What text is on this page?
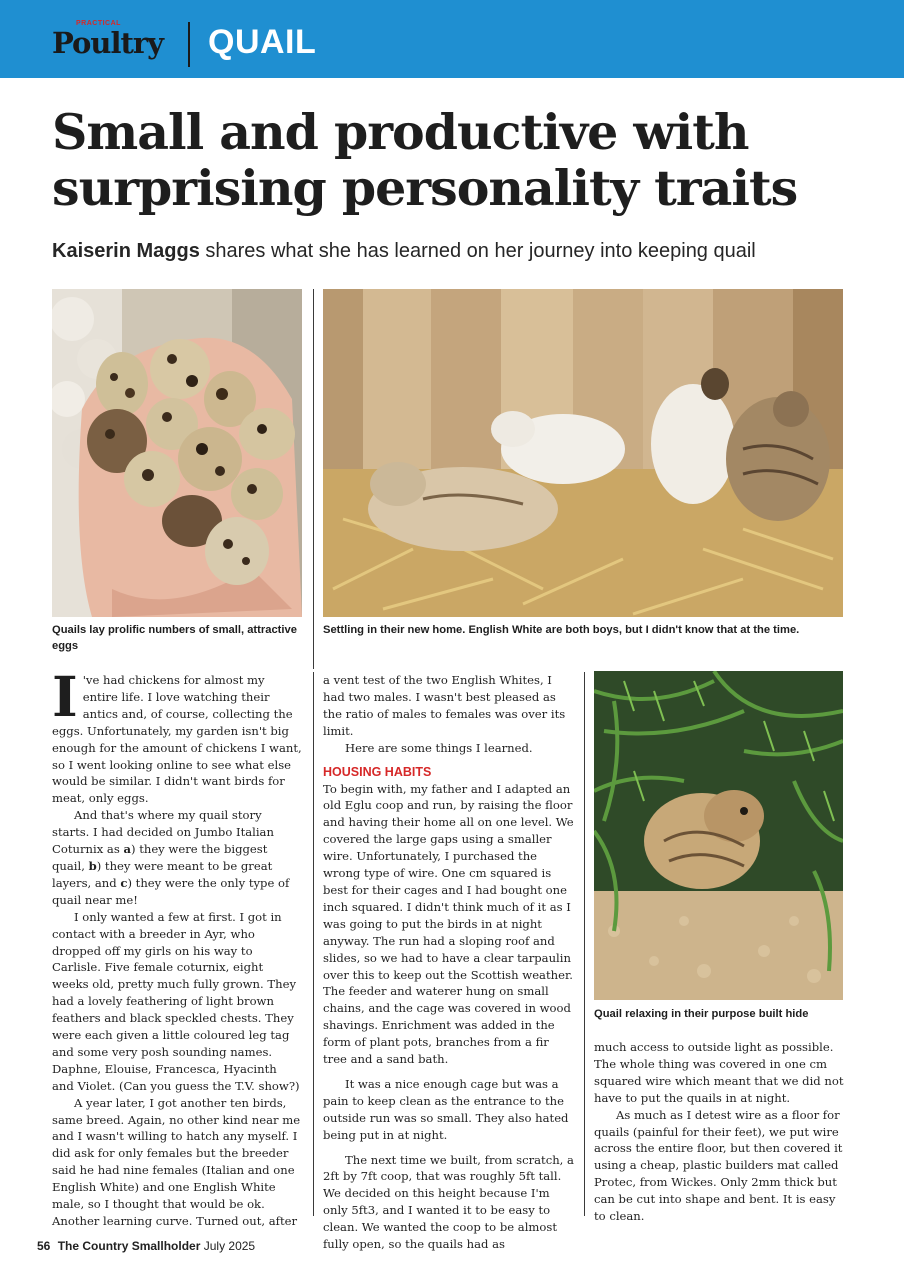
PRACTICAL
Poultry QUAIL
Small and productive with
surprising personality traits
Kaiserin Maggs shares what she has learned on her journey into keeping quail
Quails lay prolific numbers of small, attractive eggs
Settling in their new home. English White are both boys, but I didn't know that at the time.

I 've had chickens for almost my entire life. I love watching their antics and, of course, collecting the eggs. Unfortunately, my garden isn't big enough for the amount of chickens I want, so I went looking online to see what else would be similar. I didn't want birds for meat, only eggs.

And that's where my quail story starts. I had decided on Jumbo Italian Coturnix as a) they were the biggest quail, b) they were meant to be great layers, and c) they were the only type of quail near me!

I only wanted a few at first. I got in contact with a breeder in Ayr, who dropped off my girls on his way to Carlisle. Five female coturnix, eight weeks old, pretty much fully grown. They had a lovely feathering of light brown feathers and black speckled chests. They were each given a little coloured leg tag and some very posh sounding names. Daphne, Elouise, Francesca, Hyacinth and Violet. (Can you guess the T.V. show?)

A year later, I got another ten birds, same breed. Again, no other kind near me and I wasn't willing to hatch any myself. I did ask for only females but the breeder said he had nine females (Italian and one English White) and one English White male, so I thought that would be ok. Another learning curve. Turned out, after

a vent test of the two English Whites, I had two males. I wasn't best pleased as the ratio of males to females was over its limit.

Here are some things I learned.

HOUSING HABITS

To begin with, my father and I adapted an old Eglu coop and run, by raising the floor and having their home all on one level. We covered the large gaps using a smaller wire. Unfortunately, I purchased the wrong type of wire. One cm squared is best for their cages and I had bought one inch squared. I didn't think much of it as I was going to put the birds in at night anyway. The run had a sloping roof and slides, so we had to have a clear tarpaulin over this to keep out the Scottish weather. The feeder and waterer hung on small chains, and the cage was covered in wood shavings. Enrichment was added in the form of plant pots, branches from a fir tree and a sand bath.

It was a nice enough cage but was a pain to keep clean as the entrance to the outside run was so small. They also hated being put in at night.

The next time we built, from scratch, a 2ft by 7ft coop, that was roughly 5ft tall. We decided on this height because I'm only 5ft3, and I wanted it to be easy to clean. We wanted the coop to be almost fully open, so the quails had as

Quail relaxing in their purpose built hide

much access to outside light as possible. The whole thing was covered in one cm squared wire which meant that we did not have to put the quails in at night.

As much as I detest wire as a floor for quails (painful for their feet), we put wire across the entire floor, but then covered it using a cheap, plastic builders mat called Protec, from Wickes. Only 2mm thick but can be cut into shape and bent. It is easy to clean.

56 The Country Smallholder July 2025
